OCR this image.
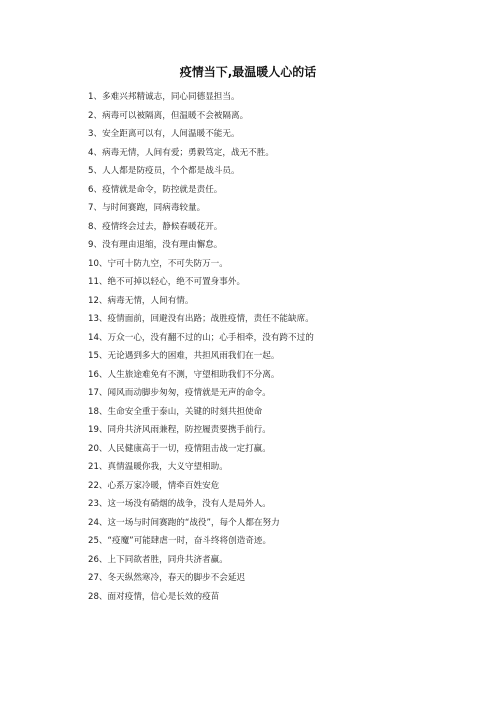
疫情当下,最温暖人心的话
1、多难兴邦精诚志，同心同德显担当。
2、病毒可以被隔离，但温暖不会被隔离。
3、安全距离可以有，人间温暖不能无。
4、病毒无情，人间有爱；勇毅笃定，战无不胜。
5、人人都是防疫员，个个都是战斗员。
6、疫情就是命令，防控就是责任。
7、与时间赛跑，同病毒较量。
8、疫情终会过去，静候春暖花开。
9、没有理由退缩，没有理由懈怠。
10、宁可十防九空，不可失防万一。
11、绝不可掉以轻心，绝不可置身事外。
12、病毒无情，人间有情。
13、疫情面前，回避没有出路；战胜疫情，责任不能缺席。
14、万众一心，没有翻不过的山；心手相牵，没有跨不过的
15、无论遇到多大的困难，共担风雨我们在一起。
16、人生旅途难免有不测，守望相助我们不分离。
17、闻风而动脚步匆匆，疫情就是无声的命令。
18、生命安全重于泰山，关键的时刻共担使命
19、同舟共济风雨兼程，防控履责要携手前行。
20、人民健康高于一切，疫情阻击战一定打赢。
21、真情温暖你我，大义守望相助。
22、心系万家冷暖，情牵百姓安危
23、这一场没有硝烟的战争，没有人是局外人。
24、这一场与时间赛跑的“战役”，每个人都在努力
25、“疫魔”可能肆虐一时，奋斗终将创造奇迹。
26、上下同欲者胜，同舟共济者赢。
27、冬天纵然寒冷，春天的脚步不会延迟
28、面对疫情，信心是长效的疫苗
